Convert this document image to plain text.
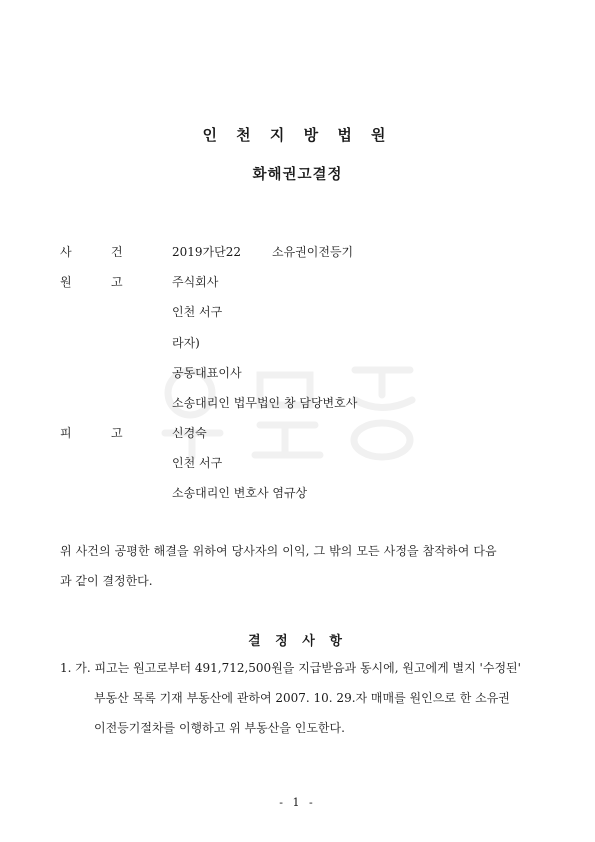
인 천 지 방 법 원
화해권고결정
사	건	2019가단22	소유권이전등기
원	고	주식회사
인천 서구
라자)
공동대표이사
소송대리인 법무법인 창 담당변호사
피	고	신경숙
인천 서구
소송대리인 변호사 염규상
위 사건의 공평한 해결을 위하여 당사자의 이익, 그 밖의 모든 사정을 참작하여 다음
과 같이 결정한다.
결 정 사 항
1. 가. 피고는 원고로부터 491,712,500원을 지급받음과 동시에, 원고에게 별지 '수정된'
부동산 목록 기재 부동산에 관하여 2007. 10. 29.자 매매를 원인으로 한 소유권
이전등기절차를 이행하고 위 부동산을 인도한다.
- 1 -
